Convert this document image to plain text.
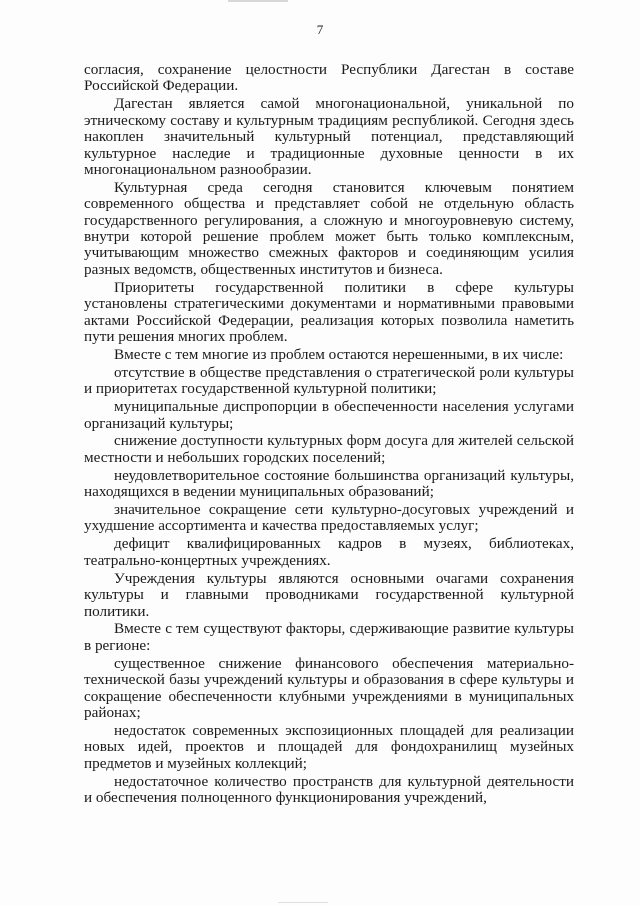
7

согласия, сохранение целостности Республики Дагестан в составе Российской Федерации.

Дагестан является самой многонациональной, уникальной по этническому составу и культурным традициям республикой. Сегодня здесь накоплен значительный культурный потенциал, представляющий культурное наследие и традиционные духовные ценности в их многонациональном разнообразии.

Культурная среда сегодня становится ключевым понятием современного общества и представляет собой не отдельную область государственного регулирования, а сложную и многоуровневую систему, внутри которой решение проблем может быть только комплексным, учитывающим множество смежных факторов и соединяющим усилия разных ведомств, общественных институтов и бизнеса.

Приоритеты государственной политики в сфере культуры установлены стратегическими документами и нормативными правовыми актами Российской Федерации, реализация которых позволила наметить пути решения многих проблем.

Вместе с тем многие из проблем остаются нерешенными, в их числе:

отсутствие в обществе представления о стратегической роли культуры и приоритетах государственной культурной политики;

муниципальные диспропорции в обеспеченности населения услугами организаций культуры;

снижение доступности культурных форм досуга для жителей сельской местности и небольших городских поселений;

неудовлетворительное состояние большинства организаций культуры, находящихся в ведении муниципальных образований;

значительное сокращение сети культурно-досуговых учреждений и ухудшение ассортимента и качества предоставляемых услуг;

дефицит квалифицированных кадров в музеях, библиотеках, театрально-концертных учреждениях.

Учреждения культуры являются основными очагами сохранения культуры и главными проводниками государственной культурной политики.

Вместе с тем существуют факторы, сдерживающие развитие культуры в регионе:

существенное снижение финансового обеспечения материально-технической базы учреждений культуры и образования в сфере культуры и сокращение обеспеченности клубными учреждениями в муниципальных районах;

недостаток современных экспозиционных площадей для реализации новых идей, проектов и площадей для фондохранилищ музейных предметов и музейных коллекций;

недостаточное количество пространств для культурной деятельности и обеспечения полноценного функционирования учреждений,
